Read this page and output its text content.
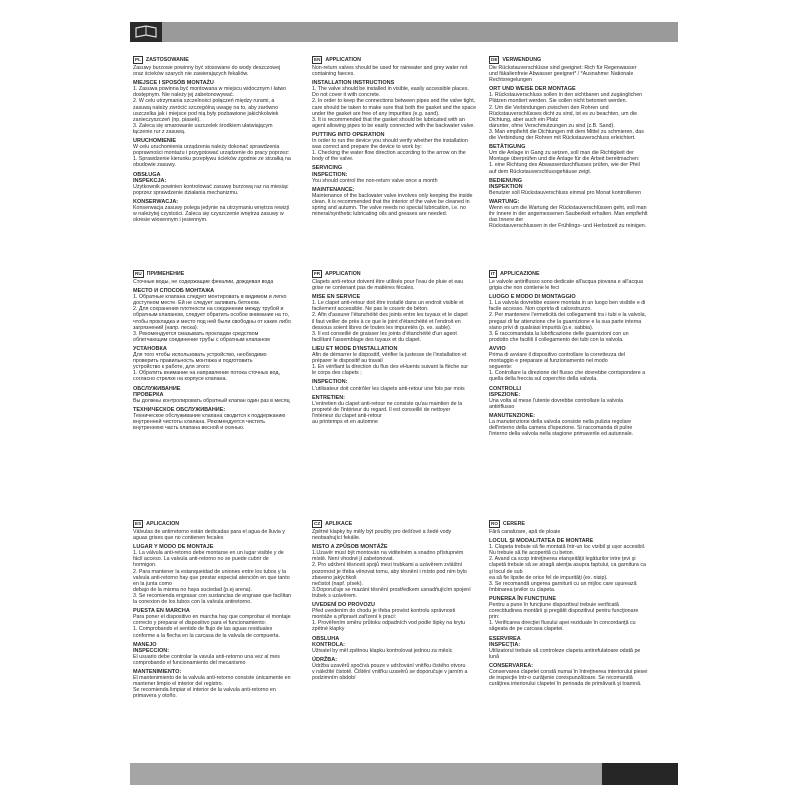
PL ZASTOSOWANIE

Zasuwy burzowe powinny być stosowane do wody deszczowej

oraz ścieków szarych nie zawierających fekaliów.

MIEJSCE I SPOSÓB MONTAŻU

1. Zasuwa powinna być montowana w miejscu widocznym i łatwo

dostępnym. Nie należy jej zabetonowywać.

2. W celu utrzymania szczelności połączeń między rurami, a

zasuwą należy zwrócić szczególną uwagę na to, aby zarówno

uszczelka jak i miejsce pod nią były pozbawione jakichkolwiek

zanieczyszczeń (np. piasek).

3. Zaleca się smarowanie uszczelek środkiem ułatwiającym

łączenie rur z zasuwą.

URUCHOMIENIE

W celu uruchomienia urządzenia należy dokonać sprawdzenia

poprawności montażu i przygotować urządzenie do pracy poprzez:

1. Sprawdzenie kierunku przepływu ścieków zgodnie ze strzałką na

obudowie zasuwy.

OBSŁUGA
INSPEKCJA:

Użytkownik powinien kontrolować zasuwę burzową raz na miesiąc

poprzez sprawdzenie działania mechanizmu.

KONSERWACJA:

Konserwacja zasuwy polega jedynie na utrzymaniu wnętrza rewizji

w należytej czystości. Zaleca się czyszczenie wnętrza zasuwy w

okresie wiosennym i jesiennym.

EN APPLICATION

Non-return valves should be used for rainwater and grey water not

containing faeces.

INSTALLATION INSTRUCTIONS

1. The valve should be installed in visible, easily accessible places.

Do not cover it with concrete.

2. In order to keep the connections between pipes and the valve tight,

care should be taken to make sure that both the gasket and the space

under the gasket are free of any impurities (e.g. sand).

3. It is recommended that the gasket should be lubricated with an

agent allowing pipes to be easily connected with the backwater valve.

PUTTING INTO OPERATION

In order to run the device you should verify whether the installation

was correct and prepare the device to work by:

1. Checking the water flow direction according to the arrow on the

body of the valve.

SERVICING
INSPECTION:

You should control the non-return valve once a month

MAINTENANCE:

Maintenance of the backwater valve involves only keeping the inside

clean. It is recommended that the interior of the valve be cleaned in

spring and autumn. The valve needs no special lubrication, i.e. no

mineral/synthetic lubricating oils and greases are needed.

DE VERWENDUNG

Die Rückstauverschlüsse sind geeignet: Rich für Regenwasser

und fäkalienfreie Abwasser geeignet* / *Ausnahme: Nationale

Rechtsregelungen

ORT UND WEISE DER MONTAGE

1. Rückstauverschluss sollen in den sichtbaren und zugänglichen

Plätzen montiert werden. Sie sollen nicht betoniert werden.

2. Um die Verbindungen zwischen den Rohren und

Rückstauverschlüsses dicht zu sind, ist es zu beachten, um die

Dichtung, aber auch ein Platz

darunter, ohne Verschmutzungen zu sind (z.B. Sand).

3. Man empfiehlt die Dichtungen mit dem Mittel zu schmieren, das

die Verbindung der Rohren mit Rückstauverschluss erleichtert.

BETÄTIGUNG

Um die Anlage in Gang zu setzen, soll man die Richtigkeit der

Montage überprüfen und die Anlage für die Arbeit bereitmachen:

1. eine Richtung des Abwasserdurchflusses prüfen, wie der Pfeil

auf dem Rückstauverschlussgehäuse zeigt.

BEDIENUNG
INSPEKTION

Benutzer soll Rückstauverschluss einmal pro Monat kontrollieren

WARTUNG:

Wenn es um die Wartung der Rückstauverschlüssen geht, soll man

ihr Innere in der angemessenen Sauberkeit erhalten. Man empfiehlt

das Innere der

Rückstauverschlussen in der Frühlings- und Herbstzeit zu reinigen.

RU ПРИМЕНЕНИЕ

Сточные воды, не содержащие фекалии, дождевая вода

МЕСТО И СПОСОБ МОНТАЖА

1. Обратные клапана следует монтировать в видимом и легко

доступном месте. Ей не следует заливать бетоном.

2. Для сохранения плотности на соединении между трубой и

обратным клапаном, следует обратить особое внимание на то,

чтобы прокладка и место под ней были свободны от каких либо

загрязнений (напр. песка).

3. Рекомендуется смазывать прокладки средством

облегчающим соединение трубы с обратным клапаном

УСТАНОВКА

Для того чтобы использовать устройство, необходимо

проверить правильность монтажа и подготовить

устройство к работе, для этого:

1. Обратить внимание на направление потока сточных вод,

согласно стрелке на корпусе клапана.

ОБСЛУЖИВАНИЕ
ПРОВЕРКА

Вы должны контролировать обратный клапан один раз в месяц

ТЕХНИЧЕСКОЕ ОБСЛУЖИВАНИЕ:

Техническое обслуживание клапана сводится к поддержанию

внутренней чистоты клапана. Рекомендуется чистить

внутреннюю часть клапана весной и осенью.

FR APPLICATION

Clapets anti-retour doivent être utilisés pour l'eau de pluie et eau

grise ne contenant pas de matières fécales.

MISE EN SERVICE

1. Le clapet anti-retour doit être installé dans un endroit visible et

facilement accessible. Ne pas le couvrir de béton.

2. Afin d'assurer l'étanchéité des joints entre les tuyaux et le clapet

il faut veiller de près à ce que le joint d'étanchéité et l'endroit en

dessous soient libres de toutes les impuretés (p. ex. sable).

3. Il est conseillé de graisser les joints d'étanchéité d'un agent

facilitant l'assemblage des tuyaux et du clapet.

LIEU ET MODE D'INSTALLATION

Afin de démarrer le dispositif, vérifier la justesse de l'installation et

préparer le dispositif au travail

1. En vérifiant la direction du flux des eHuents suivant la flèche sur

le corps des clapets ;

INSPECTION:

L'utilisateur doit contrôler les clapets anti-retour une fois par mois

ENTRETIEN:

L'entretien du clapet anti-retour ne consiste qu'au maintien de la

propreté de l'intérieur du regard. Il est conseillé de nettoyer

l'intérieur du clapet anti-retour

au printemps et en automne

IT APPLICAZIONE

Le valvole antiriflusso sono dedicate all'acqua piovana e all'acqua

grigia che non contiene le feci

LUOGO E MODO DI MONTAGGIO

1. La valvola dovrebbe essere montata in un luogo ben visibile e di

facile accesso. Non coprirla di calcestruzzo.

2. Per mantenere l'ermeticità dei collegamenti tra i tubi e la valvola,

pregasi di far attenzione che la guarnizione e la sua parte interna

siano privi di qualsiasi impurità (p.e. sabbia).

3. È raccomandata la lubrificazione delle guarnizioni con un

prodotto che faciliti il collegamento dei tubi con la valvola.

AVVIO

Prima di avviare il dispositivo controllare la correttezza del

montaggio e preparare al funzionamento nel modo

seguente:

1. Controllare la direzione del flusso che dovrebbe corrispondere a

quella della freccia sul coperchio della valvola.

CONTROLLI
ISPEZIONE:

Una volta al mese l'utente dovrebbe controllare la valvola

antiriflusso

MANUTENZIONE:

La manutenzione della valvola consiste nella pulizia regolare

dell'interno della camera d'ispezione. Si raccomanda di pulire

l'interno della valvola nella stagione primaverile ed autunnale.

ES APLICACION

Válvulas de antirretorno están dedicadas para el agua de lluvia y

aguas grises que no contienen fecales

LUGAR Y MODO DE MONTAJE

1. La válvula anti-retorno debe montarse en un lugar visible y de

fácil acceso. La valvula anti-retorno no se puede cubrir de

hormigon.

2. Para mantener la estanqueidad de uniones entre los tubos y la

valvula anti-retorno hay que prestar especial atención en que tanto

en la junta como

debajo de la misma no haya suciedad (p.ej arena).

3. Se recomienda engrasar con sustancias de engrase que facilitan

la conexion de los tubos con la valvula antiretorno.

PUESTA EN MARCHA

Para poner el dispositivo en marcha hay que comprobar el montaje

correcto y preparar el dispositivo para el funcionamiento:

1. Comprobando el sentido de flujo de las aguas residuales

conforme a la flecha en la carcasa de la valvula de compuerta.

MANEJO
INSPECCION:

El usuario debe controlar la vavula anti-retorno una vez al mes

comprobando el funcionamiento del mecanismo

MANTENIMIENTO:

El mantenimiento de la valvula anti-retorno consiste únicamente en

mantener limpio el interior del registro.

Se recomienda limpiar el interior de la valvula anti-retorno en

primavera y otoño.

CZ APLIKACE

Zpětné klapky by měly být použity pro dešťové a šedé vody

neobsahující fekálie.

MISTO A ZPŮSOB MONTÁŽE

1.Uzavěr musí být montován na viditelném a snadno přístupném

místě. Není vhodné jí zabetonovat.

2. Pro udržení těsnosti spojů mezi trubkami a uzávěrem zvláštní

pozornost je třeba věnovat tomu, aby těsnění i místo pod ním bylo

zbaveno jakýchkoli

nečistot (např. písek).

3.Doporučuje se mazání těsnění prostředkem usnadňujícím spojení

trubek s uzávěrem.

UVEDENÍ DO PROVOZU

Před uvedením do chodu je třeba provést kontrolu správnosti

montáže a připravit zařízení k prací:

1. Prověřením směru průtoku odpadních vod podle šipky na krytu

zpětné klapky

OBSLUHA
KONTROLA:

Uživatel by měl zpětnou klapku kontrolovat jednou za měsíc

ÚDRŽBA:

Údržba uzavěrů spočívá pouze v udržování vnitřku čistého otvoru

v náležité čistotě. Čištění vnitřku uzavěrů se doporučuje v jarním a

podzimním období

RO CERERE

Fără canalizare, apă de ploaie

LOCUL ŞI MODALITATEA DE MONTARE

1. Clapeta trebuie să fie montată într-un loc vizibil şi ușor accesibil.

Nu trebuie să fie acoperită cu beton.

2. Avand ca scop intreţinerea etanşeităţii legăturilor intre ţevi şi

clapetă trebuie să se atragă atenţia asupra faptului, ca garnitura ca

şi locul de sub

ea să fie lipsite de orice fel de impurităţi (ex. nisip).

3. Se recomandă ungerea garniturii cu un mijloc care uşurează

îmbinarea ţevilor cu clapeta.

PUNEREA ÎN FUNCŢIUNE

Pentru a pune în funcţiune dispozitivul trebuie verificată

corectitudinea montării şi pregătit dispozitivul pentru funcţionare

prin:

1. Verificarea direcţiei fluxului apei reziduale în concordanţă cu

săgeata de pe carcasa clapetei.

ESERVIREA
INSPECŢIA:

Utilizatorul trebuie să controleze clapeta antirefulatoare odată pe

lună

CONSERVAREA:

Conservarea clapetei constă numai în întreţinerea interiorului piesei

de inspecţie într-o curăţenie corespunzătoare. Se recomandă

curăţirea interiorului clapetei în perioada de primăvară şi toamnă.
